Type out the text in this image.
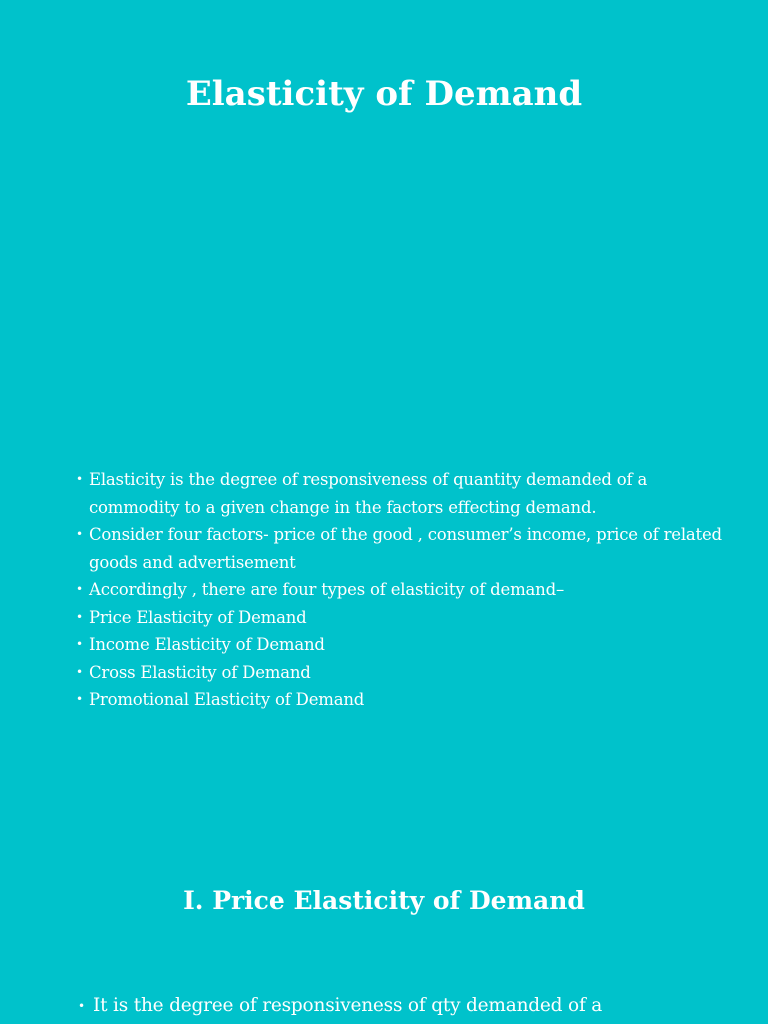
Elasticity of Demand
• Elasticity is the degree of responsiveness of quantity demanded of a commodity to a given change in the factors effecting demand.
• Consider four factors- price of the good , consumer’s income, price of related goods and advertisement
• Accordingly , there are four types of elasticity of demand–
• Price Elasticity of Demand
• Income Elasticity of Demand
• Cross Elasticity of Demand
• Promotional Elasticity of Demand
I. Price Elasticity of Demand
• It is the degree of responsiveness of qty demanded of a
